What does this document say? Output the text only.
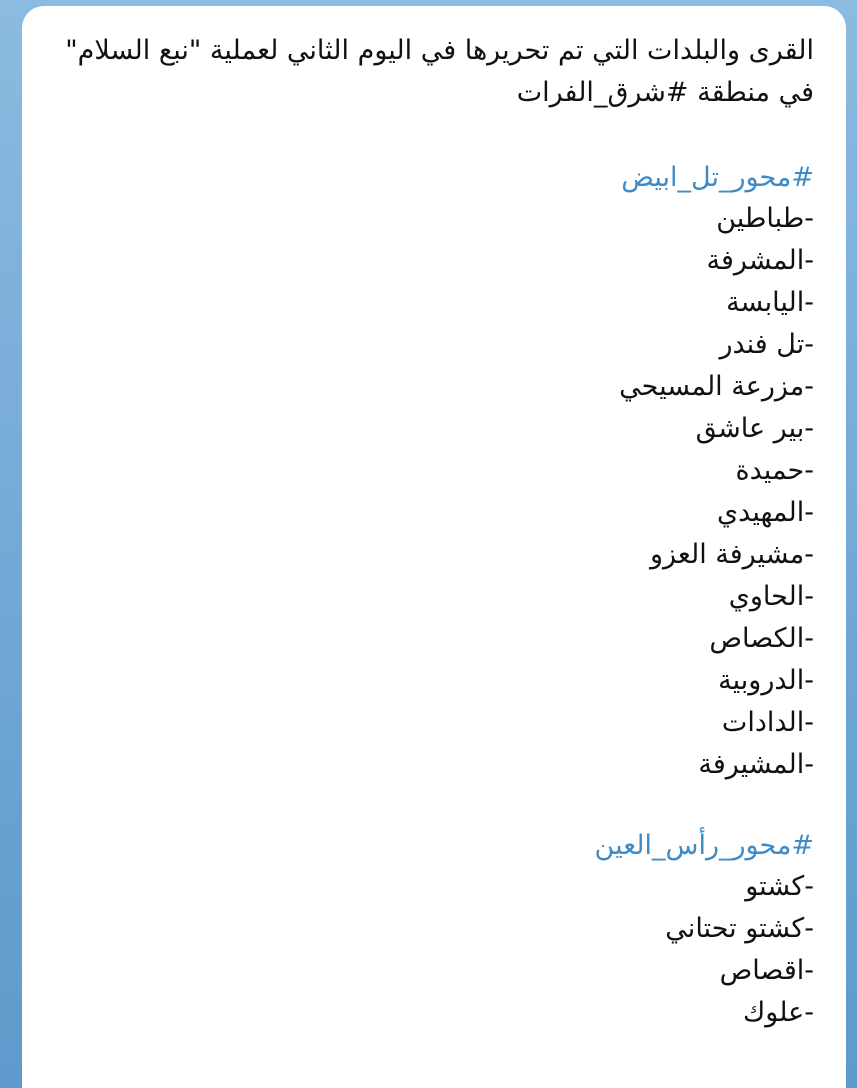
القرى والبلدات التي تم تحريرها في اليوم الثاني لعملية "نبع السلام" في منطقة #شرق_الفرات

#محور_تل_ابيض
-طباطين
-المشرفة
-اليابسة
-تل فندر
-مزرعة المسيحي
-بير عاشق
-حميدة
-المهيدي
-مشيرفة العزو
-الحاوي
-الكصاص
-الدروبية
-الدادات
-المشيرفة
#محور_رأس_العين
-كشتو
-كشتو تحتاني
-اقصاص
-علوك
